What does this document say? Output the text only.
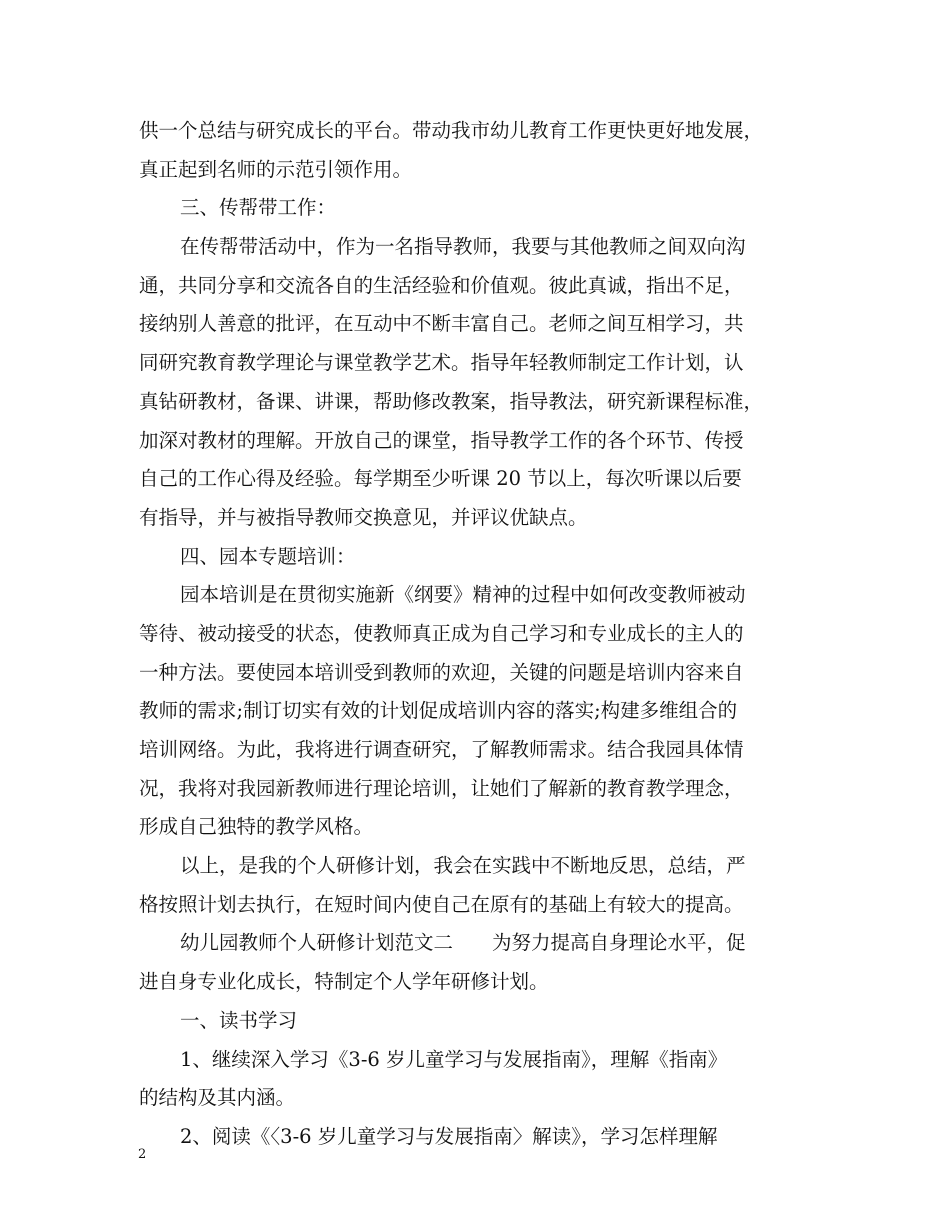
供一个总结与研究成长的平台。带动我市幼儿教育工作更快更好地发展，
真正起到名师的示范引领作用。
三、传帮带工作：
在传帮带活动中，作为一名指导教师，我要与其他教师之间双向沟
通，共同分享和交流各自的生活经验和价值观。彼此真诚，指出不足，
接纳别人善意的批评，在互动中不断丰富自己。老师之间互相学习，共
同研究教育教学理论与课堂教学艺术。指导年轻教师制定工作计划，认
真钻研教材，备课、讲课，帮助修改教案，指导教法，研究新课程标准，
加深对教材的理解。开放自己的课堂，指导教学工作的各个环节、传授
自己的工作心得及经验。每学期至少听课 20 节以上，每次听课以后要
有指导，并与被指导教师交换意见，并评议优缺点。
四、园本专题培训：
园本培训是在贯彻实施新《纲要》精神的过程中如何改变教师被动
等待、被动接受的状态，使教师真正成为自己学习和专业成长的主人的
一种方法。要使园本培训受到教师的欢迎，关键的问题是培训内容来自
教师的需求;制订切实有效的计划促成培训内容的落实;构建多维组合的
培训网络。为此，我将进行调查研究，了解教师需求。结合我园具体情
况，我将对我园新教师进行理论培训，让她们了解新的教育教学理念，
形成自己独特的教学风格。
以上，是我的个人研修计划，我会在实践中不断地反思，总结，严
格按照计划去执行，在短时间内使自己在原有的基础上有较大的提高。
幼儿园教师个人研修计划范文二　　为努力提高自身理论水平，促
进自身专业化成长，特制定个人学年研修计划。
一、读书学习
1、继续深入学习《3-6 岁儿童学习与发展指南》，理解《指南》
的结构及其内涵。
2、阅读《〈3-6 岁儿童学习与发展指南〉解读》，学习怎样理解
2
